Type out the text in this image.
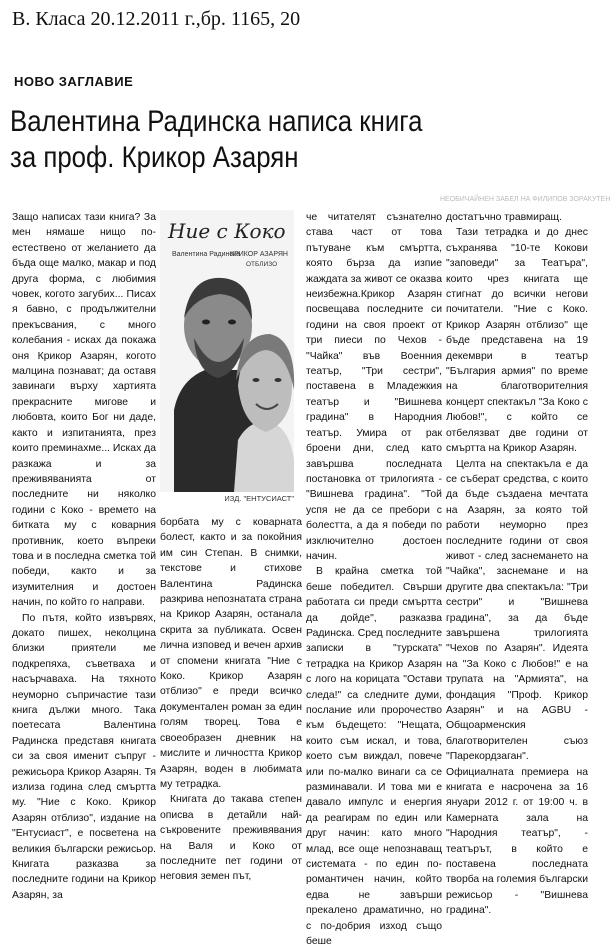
В. Класа 20.12.2011 г.,бр. 1165, 20
НОВО ЗАГЛАВИЕ
НЕОБИЧАЙНЕН ЗАБЕЛ НА ФИЛИПОВ ЗОРАКУТЕН
Валентина Радинска написа книга
за проф. Крикор Азарян

Защо написах тази книга? За мен нямаше нищо по-естествено от желанието да бъда още малко, макар и под друга форма, с любимия човек, когото загубих... Писах я бавно, с продължителни прекъсвания, с много колебания - исках да покажа оня Крикор Азарян, когото малцина познават; да оставя завинаги върху хартията прекрасните мигове и любовта, които Бог ни даде, както и изпитанията, през които преминахме... Исках да разкажа и за преживяванията от последните ни няколко години с Коко - времето на битката му с коварния противник, което въпреки това и в последна сметка той победи, както и за изумителния и достоен начин, по който го направи.

По пътя, който извървях, докато пишех, неколцина близки приятели ме подкрепяха, съветваха и насърчаваха. На тяхното неуморно съпричастие тази книга дължи много. Така поетесата Валентина Радинска представя книгата си за своя именит съпруг - режисьора Крикор Азарян. Тя излиза година след смъртта му. "Ние с Коко. Крикор Азарян отблизо", издание на "Ентусиаст", е посветена на великия български режисьор. Книгата разказва за последните години на Крикор Азарян, за

Ние с Коко
Валентина Радинска
КРИКОР АЗАРЯН
ОТБЛИЗО
ИЗД. "ЕНТУСИАСТ"

борбата му с коварната болест, както и за покойния им син Степан. В снимки, текстове и стихове Валентина Радинска разкрива непознатата страна на Крикор Азарян, останала скрита за публиката. Освен лична изповед и вечен архив от спомени книгата "Ние с Коко. Крикор Азарян отблизо" е преди всичко документален роман за един голям творец. Това е своеобразен дневник на мислите и личността Крикор Азарян, воден в любимата му тетрадка.

Книгата до такава степен описва в детайли най-съкровените преживявания на Валя и Коко от последните пет години от неговия земен път,

че читателят съзнателно става част от това пътуване към смъртта, която бърза да изпие жаждата за живот се оказва неизбежна.Крикор Азарян посвещава последните си години на своя проект от три пиеси по Чехов - "Чайка" във Военния театър, "Три сестри", поставена в Младежкия театър и "Вишнева градина" в Народния театър. Умира от рак броени дни, след като завършва последната постановка от трилогията - "Вишнева градина". "Той успя не да се пребори с болестта, а да я победи по изключително достоен начин.

В крайна сметка той беше победител. Свърши работата си преди смъртта да дойде", разказва Радинска. Сред последните записки в "турската" тетрадка на Крикор Азарян с лого на корицата "Остави следа!" са следните думи, послание или пророчество към бъдещето: "Нещата, които съм искал, и това, което съм виждал, повече или по-малко винаги са се разминавали. И това ми е давало импулс и енергия да реагирам по един или друг начин: като много млад, все още непознаващ системата - по един по-романтичен начин, който едва не завърши прекалено драматично, но с по-добрия изход също беше

достатъчно травмиращ.

Тази тетрадка и до днес съхранява "10-те Кокови "заповеди" за Театъра", които чрез книгата ще стигнат до всички негови почитатели. "Ние с Коко. Крикор Азарян отблизо" ще бъде представена на 19 декември в театър "България армия" по време на благотворителния концерт спектакъл "За Коко с Любов!", с който се отбелязват две години от смъртта на Крикор Азарян.

Целта на спектакъла е да се съберат средства, с които да бъде създаена мечтата на Азарян, за която той работи неуморно през последните години от своя живот - след заснемането на "Чайка", заснемане и на другите два спектакъла: "Три сестри" и "Вишнева градина", за да бъде завършена трилогията "Чехов по Азарян". Идеята на "За Коко с Любов!" е на трупата на "Армията", на фондация "Проф. Крикор Азарян" и на AGBU - Общоарменския благотворителен съюз "Парекордзаган". Официалната премиера на книгата е насрочена за 16 януари 2012 г. от 19:00 ч. в Камерната зала на "Народния театър", - театърът, в който е поставена последната творба на големия български режисьор - "Вишнева градина".
